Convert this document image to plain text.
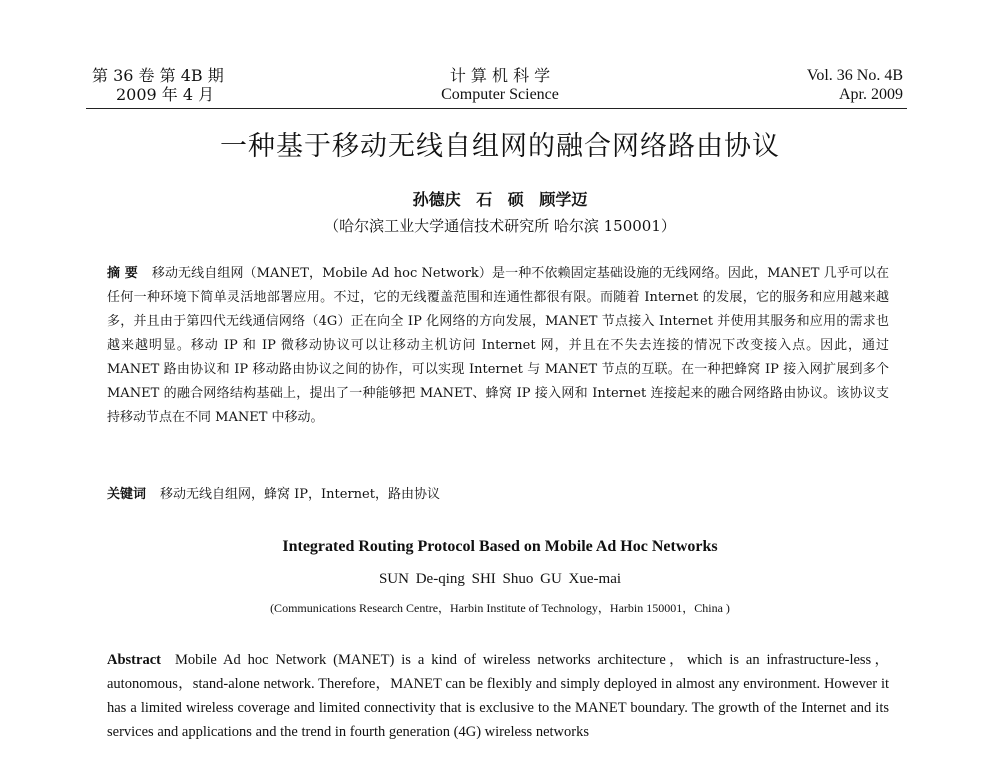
第 36 卷 第 4B 期
2009 年 4 月
计 算 机 科 学
Computer Science
Vol. 36 No. 4B
Apr. 2009
一种基于移动无线自组网的融合网络路由协议
孙德庆 石 硕 顾学迈
（哈尔滨工业大学通信技术研究所 哈尔滨 150001）
摘 要 移动无线自组网（MANET，Mobile Ad hoc Network）是一种不依赖固定基础设施的无线网络。因此，MANET 几乎可以在任何一种环境下简单灵活地部署应用。不过，它的无线覆盖范围和连通性都很有限。而随着 Internet 的发展，它的服务和应用越来越多，并且由于第四代无线通信网络（4G）正在向全 IP 化网络的方向发展，MANET 节点接入 Internet 并使用其服务和应用的需求也越来越明显。移动 IP 和 IP 微移动协议可以让移动主机访问 Internet 网，并且在不失去连接的情况下改变接入点。因此，通过 MANET 路由协议和 IP 移动路由协议之间的协作，可以实现 Internet 与 MANET 节点的互联。在一种把蜂窝 IP 接入网扩展到多个 MANET 的融合网络结构基础上，提出了一种能够把 MANET、蜂窝 IP 接入网和 Internet 连接起来的融合网络路由协议。该协议支持移动节点在不同 MANET 中移动。
关键词 移动无线自组网，蜂窝 IP，Internet，路由协议
Integrated Routing Protocol Based on Mobile Ad Hoc Networks
SUN De-qing SHI Shuo GU Xue-mai
(Communications Research Centre，Harbin Institute of Technology，Harbin 150001，China )
Abstract Mobile Ad hoc Network (MANET) is a kind of wireless networks architecture，which is an infrastructure-less，autonomous，stand-alone network. Therefore，MANET can be flexibly and simply deployed in almost any environment. However it has a limited wireless coverage and limited connectivity that is exclusive to the MANET boundary. The growth of the Internet and its services and applications and the trend in fourth generation (4G) wireless networks
